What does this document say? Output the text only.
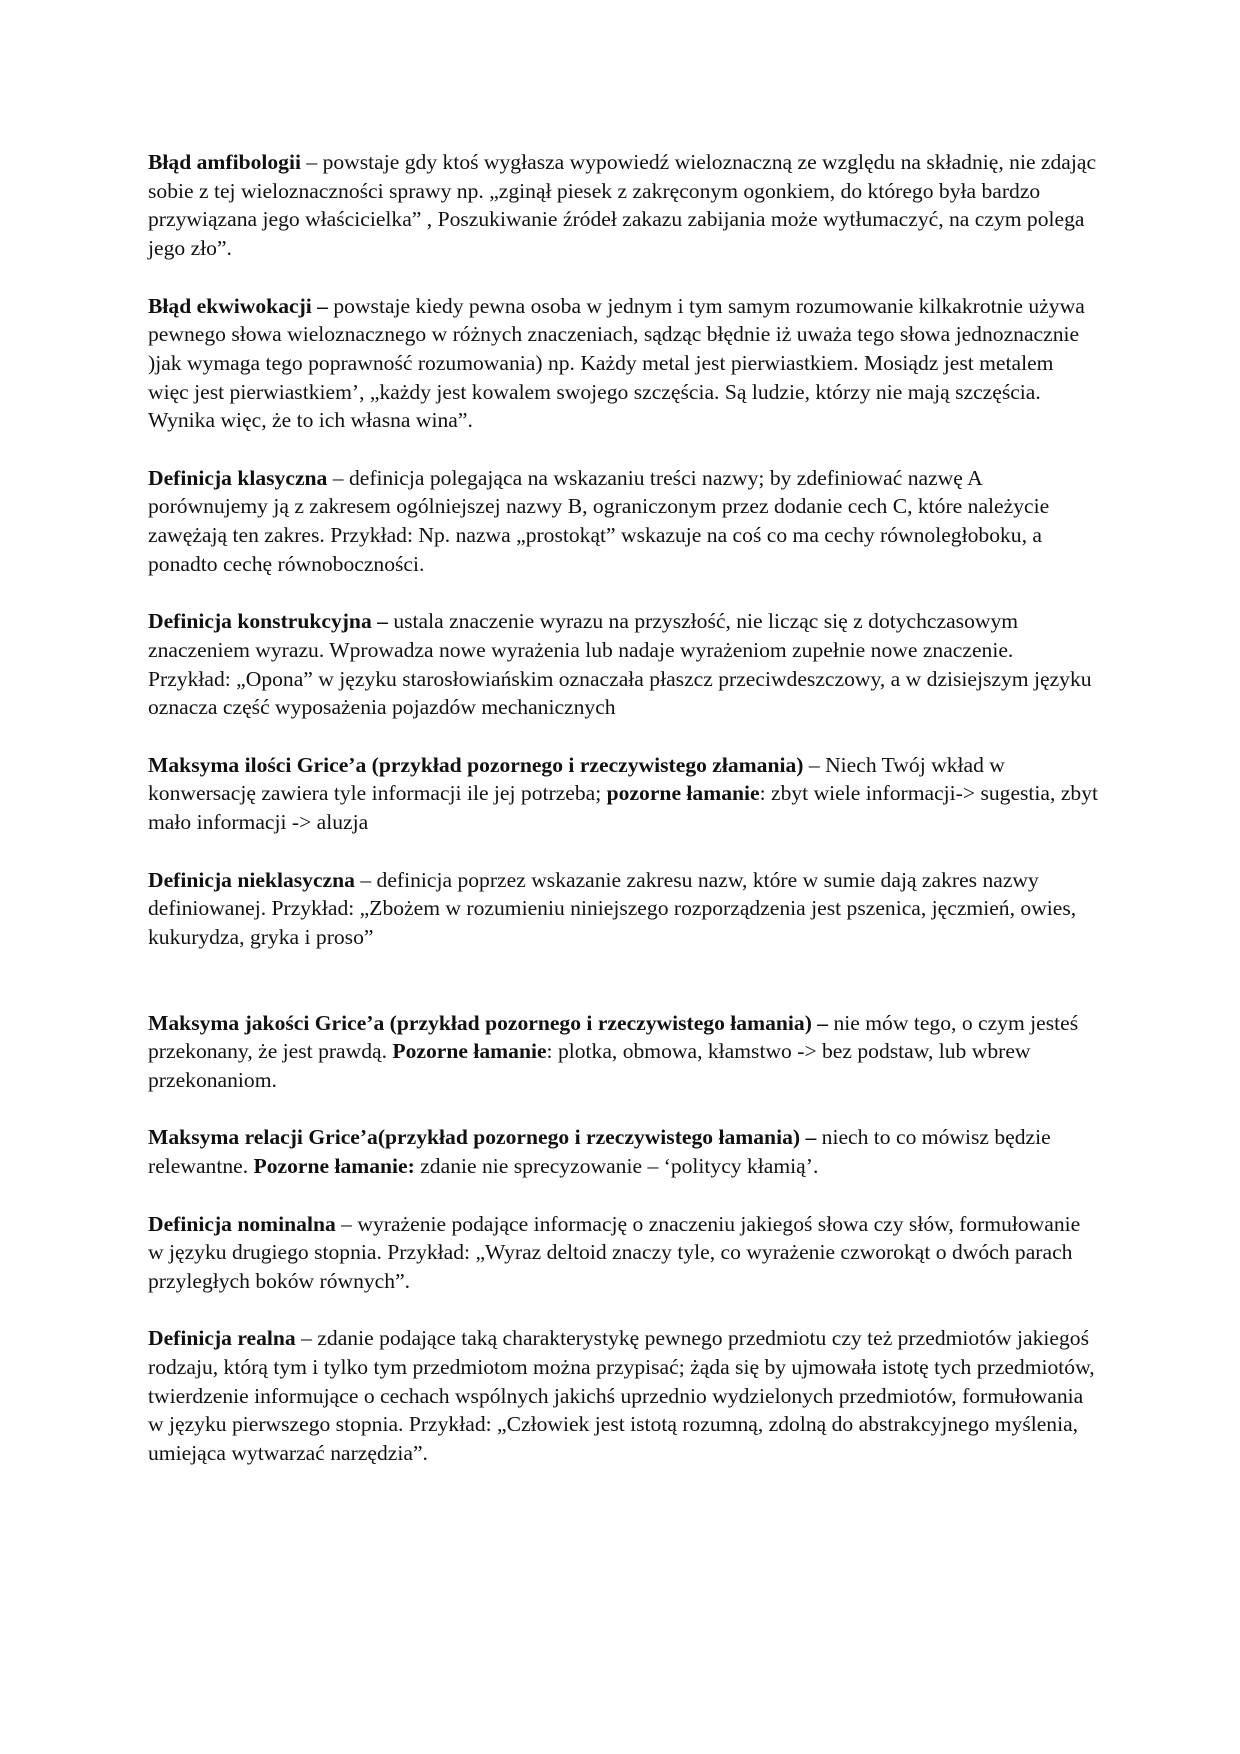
Błąd amfibologii – powstaje gdy ktoś wygłasza wypowiedź wieloznaczną ze względu na składnię, nie zdając sobie z tej wieloznaczności sprawy np. „zginął piesek z zakręconym ogonkiem, do którego była bardzo przywiązana jego właścicielka” , Poszukiwanie źródeł zakazu zabijania może wytłumaczyć, na czym polega jego zło”.

Błąd ekwiwokacji – powstaje kiedy pewna osoba w jednym i tym samym rozumowanie kilkakrotnie używa pewnego słowa wieloznacznego w różnych znaczeniach, sądząc błędnie iż uważa tego słowa jednoznacznie )jak wymaga tego poprawność rozumowania) np. Każdy metal jest pierwiastkiem. Mosiądz jest metalem więc jest pierwiastkiem’, „każdy jest kowalem swojego szczęścia. Są ludzie, którzy nie mają szczęścia. Wynika więc, że to ich własna wina”.

Definicja klasyczna – definicja polegająca na wskazaniu treści nazwy; by zdefiniować nazwę A porównujemy ją z zakresem ogólniejszej nazwy B, ograniczonym przez dodanie cech C, które należycie zawężają ten zakres. Przykład: Np. nazwa „prostokąt” wskazuje na coś co ma cechy równoległoboku, a ponadto cechę równoboczności.

Definicja konstrukcyjna – ustala znaczenie wyrazu na przyszłość, nie licząc się z dotychczasowym znaczeniem wyrazu. Wprowadza nowe wyrażenia lub nadaje wyrażeniom zupełnie nowe znaczenie. Przykład: „Opona” w języku starosłowiańskim oznaczała płaszcz przeciwdeszczowy, a w dzisiejszym języku oznacza część wyposażenia pojazdów mechanicznych

Maksyma ilości Grice’a (przykład pozornego i rzeczywistego złamania) – Niech Twój wkład w konwersację zawiera tyle informacji ile jej potrzeba; pozorne łamanie: zbyt wiele informacji-> sugestia, zbyt mało informacji -> aluzja

Definicja nieklasyczna – definicja poprzez wskazanie zakresu nazw, które w sumie dają zakres nazwy definiowanej. Przykład: „Zbożem w rozumieniu niniejszego rozporządzenia jest pszenica, jęczmień, owies, kukurydza, gryka i proso”

Maksyma jakości Grice’a (przykład pozornego i rzeczywistego łamania) – nie mów tego, o czym jesteś przekonany, że jest prawdą. Pozorne łamanie: plotka, obmowa, kłamstwo -> bez podstaw, lub wbrew przekonaniom.

Maksyma relacji Grice’a(przykład pozornego i rzeczywistego łamania) – niech to co mówisz będzie relewantne. Pozorne łamanie: zdanie nie sprecyzowanie – ‘politycy kłamią’.

Definicja nominalna – wyrażenie podające informację o znaczeniu jakiegoś słowa czy słów, formułowanie w języku drugiego stopnia. Przykład: „Wyraz deltoid znaczy tyle, co wyrażenie czworokąt o dwóch parach przyległych boków równych”.

Definicja realna – zdanie podające taką charakterystykę pewnego przedmiotu czy też przedmiotów jakiegoś rodzaju, którą tym i tylko tym przedmiotom można przypisać; żąda się by ujmowała istotę tych przedmiotów, twierdzenie informujące o cechach wspólnych jakichś uprzednio wydzielonych przedmiotów, formułowania w języku pierwszego stopnia. Przykład: „Człowiek jest istotą rozumną, zdolną do abstrakcyjnego myślenia, umiejąca wytwarzać narzędzia”.
